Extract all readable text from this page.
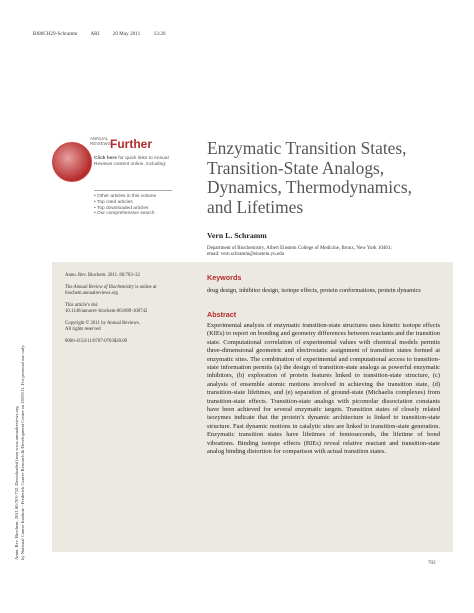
BI80CH29-Schramm	ARI	20 May 2011	13:26
Annu. Rev. Biochem. 2011.80:703-732. Downloaded from www.annualreviews.org by National Cancer Institute - Frederick Cancer Research & Development Center on 10/05/11. For personal use only.
ANNUAL REVIEWS Further
Click here for quick links to Annual Reviews content online, including:
• Other articles in this volume
• Top cited articles
• Top downloaded articles
• Our comprehensive search
Enzymatic Transition States,
Transition-State Analogs,
Dynamics, Thermodynamics,
and Lifetimes
Vern L. Schramm
Department of Biochemistry, Albert Einstein College of Medicine, Bronx, New York 10461;
email: vern.schramm@einstein.yu.edu

Annu. Rev. Biochem. 2011. 80:703–32

The Annual Review of Biochemistry is online at biochem.annualreviews.org

This article’s doi:
10.1146/annurev-biochem-061809-100742

Copyright © 2011 by Annual Reviews.
All rights reserved

0066-4154/11/0707-0703$20.00

Keywords
drug design, inhibitor design, isotope effects, protein conformations, protein dynamics
Abstract
Experimental analysis of enzymatic transition-state structures uses kinetic isotope effects (KIEs) to report on bonding and geometry differences between reactants and the transition state. Computational correlation of experimental values with chemical models permits three-dimensional geometric and electrostatic assignment of transition states formed at enzymatic sites. The combination of experimental and computational access to transition-state information permits (a) the design of transition-state analogs as powerful enzymatic inhibitors, (b) exploration of protein features linked to transition-state structure, (c) analysis of ensemble atomic motions involved in achieving the transition state, (d) transition-state lifetimes, and (e) separation of ground-state (Michaelis complexes) from transition-state effects. Transition-state analogs with picomolar dissociation constants have been achieved for several enzymatic targets. Transition states of closely related isozymes indicate that the protein’s dynamic architecture is linked to transition-state structure. Fast dynamic motions in catalytic sites are linked to transition-state generation. Enzymatic transition states have lifetimes of femtoseconds, the lifetime of bond vibrations. Binding isotope effects (BIEs) reveal relative reactant and transition-state analog binding distortion for comparison with actual transition states.
703
